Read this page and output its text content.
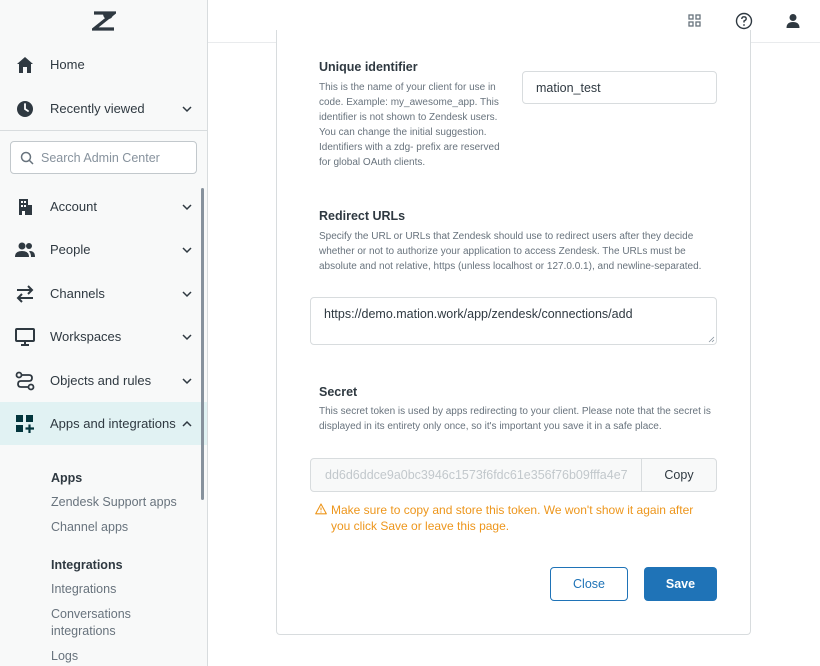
Home
Recently viewed
Search Admin Center
Account
People
Channels
Workspaces
Objects and rules
Apps and integrations
Apps
Zendesk Support apps
Channel apps
Integrations
Integrations
Conversations integrations
Logs
Unique identifier
This is the name of your client for use in code. Example: my_awesome_app. This identifier is not shown to Zendesk users. You can change the initial suggestion. Identifiers with a zdg- prefix are reserved for global OAuth clients.
mation_test
Redirect URLs
Specify the URL or URLs that Zendesk should use to redirect users after they decide whether or not to authorize your application to access Zendesk. The URLs must be absolute and not relative, https (unless localhost or 127.0.0.1), and newline-separated.
https://demo.mation.work/app/zendesk/connections/add
Secret
This secret token is used by apps redirecting to your client. Please note that the secret is displayed in its entirety only once, so it's important you save it in a safe place.
dd6d6ddce9a0bc3946c1573f6fdc61e356f76b09fffa4e7	Copy
Make sure to copy and store this token. We won't show it again after you click Save or leave this page.
Close	Save
